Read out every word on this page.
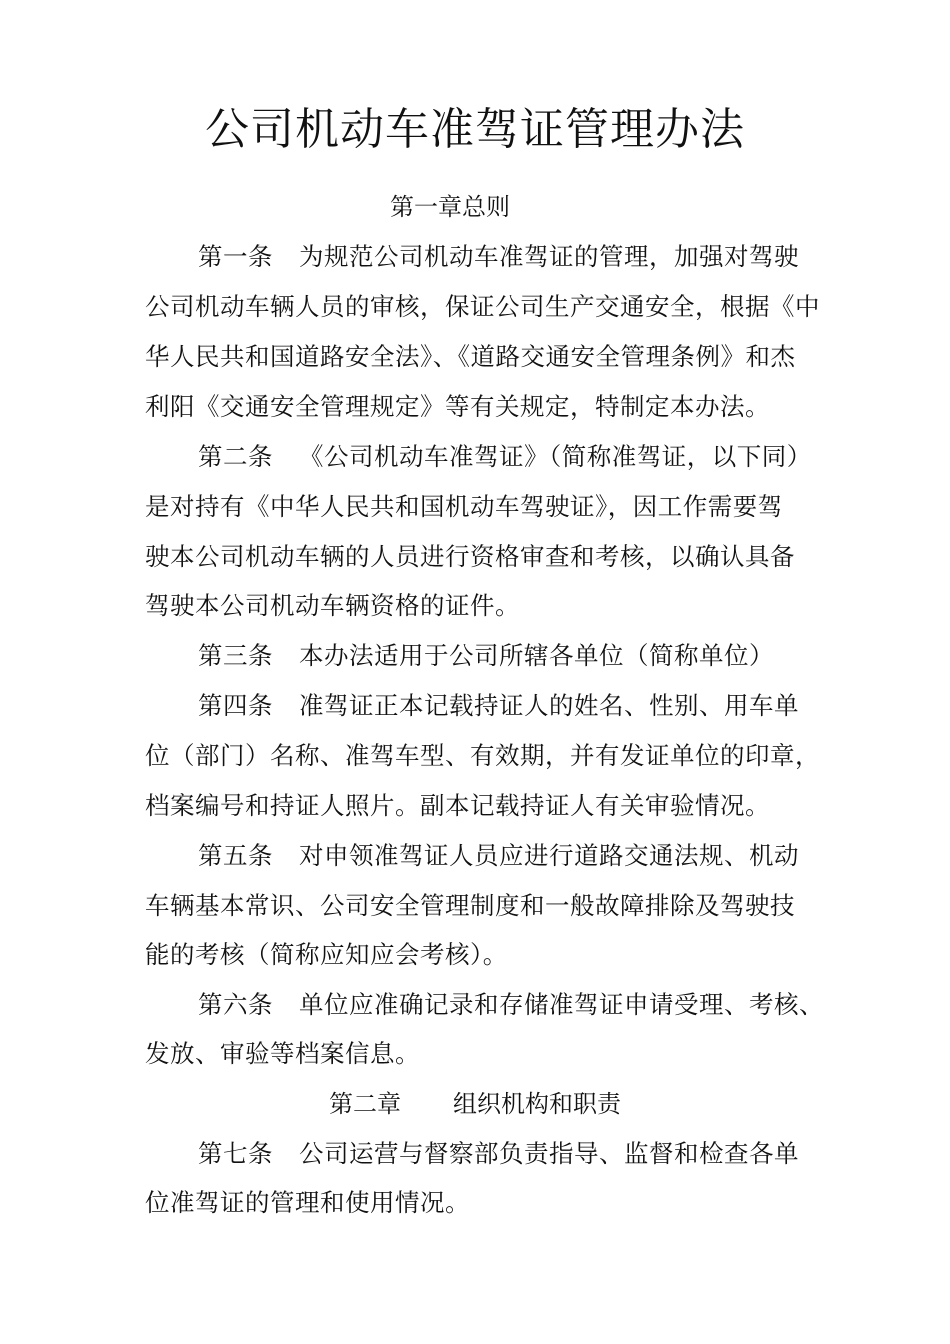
公司机动车准驾证管理办法
第一章总则
第一条 为规范公司机动车准驾证的管理，加强对驾驶
公司机动车辆人员的审核，保证公司生产交通安全，根据《中
华人民共和国道路安全法》、《道路交通安全管理条例》和杰
利阳《交通安全管理规定》等有关规定，特制定本办法。
第二条 《公司机动车准驾证》（简称准驾证，以下同）
是对持有《中华人民共和国机动车驾驶证》，因工作需要驾
驶本公司机动车辆的人员进行资格审查和考核，以确认具备
驾驶本公司机动车辆资格的证件。
第三条 本办法适用于公司所辖各单位（简称单位）
第四条 准驾证正本记载持证人的姓名、性别、用车单
位（部门）名称、准驾车型、有效期，并有发证单位的印章，
档案编号和持证人照片。副本记载持证人有关审验情况。
第五条 对申领准驾证人员应进行道路交通法规、机动
车辆基本常识、公司安全管理制度和一般故障排除及驾驶技
能的考核（简称应知应会考核）。
第六条 单位应准确记录和存储准驾证申请受理、考核、
发放、审验等档案信息。
第二章 组织机构和职责
第七条 公司运营与督察部负责指导、监督和检查各单
位准驾证的管理和使用情况。
